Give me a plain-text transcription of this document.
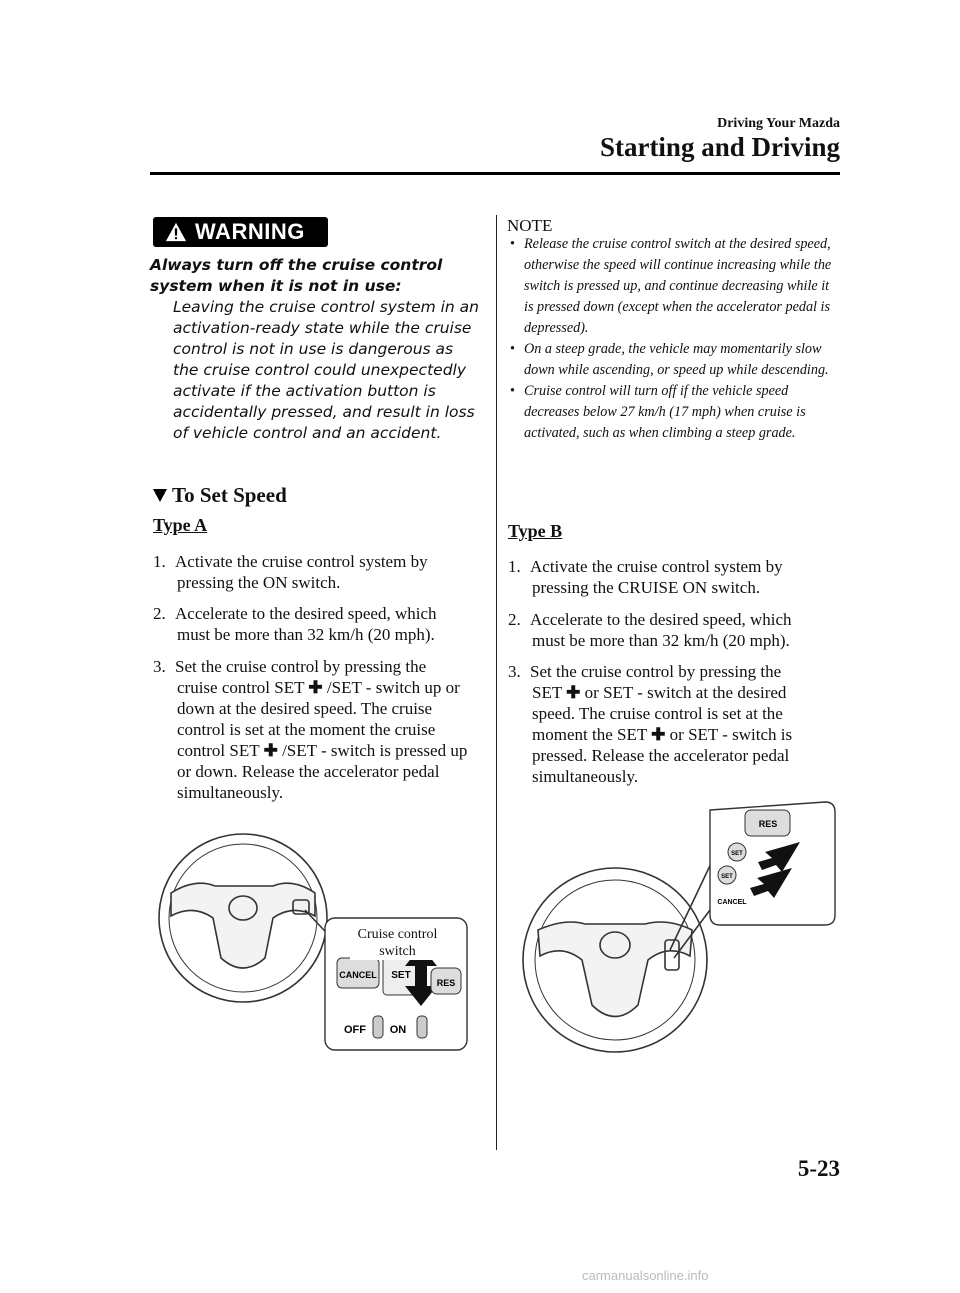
Driving Your Mazda
Starting and Driving
WARNING
Always turn off the cruise control system when it is not in use:
Leaving the cruise control system in an activation-ready state while the cruise control is not in use is dangerous as the cruise control could unexpectedly activate if the activation button is accidentally pressed, and result in loss of vehicle control and an accident.
To Set Speed
Type A
1. Activate the cruise control system by
pressing the ON switch.
2. Accelerate to the desired speed, which
must be more than 32 km/h (20 mph).
3. Set the cruise control by pressing the
cruise control SET ✚ /SET - switch up or down at the desired speed. The cruise control is set at the moment the cruise control SET ✚ /SET - switch is pressed up or down. Release the accelerator pedal simultaneously.
CANCEL SET
RES
OFF ON
Cruise control switch
NOTE
• Release the cruise control switch at the desired speed, otherwise the speed will continue increasing while the switch is pressed up, and continue decreasing while it is pressed down (except when the accelerator pedal is depressed).
• On a steep grade, the vehicle may momentarily slow down while ascending, or speed up while descending.
• Cruise control will turn off if the vehicle speed decreases below 27 km/h (17 mph) when cruise is activated, such as when climbing a steep grade.
Type B
1. Activate the cruise control system by
pressing the CRUISE ON switch.
2. Accelerate to the desired speed, which
must be more than 32 km/h (20 mph).
3. Set the cruise control by pressing the
SET ✚ or SET - switch at the desired speed. The cruise control is set at the moment the SET ✚ or SET - switch is pressed. Release the accelerator pedal simultaneously.
RES
SET
SET
CANCEL
5-23
carmanualsonline.info
